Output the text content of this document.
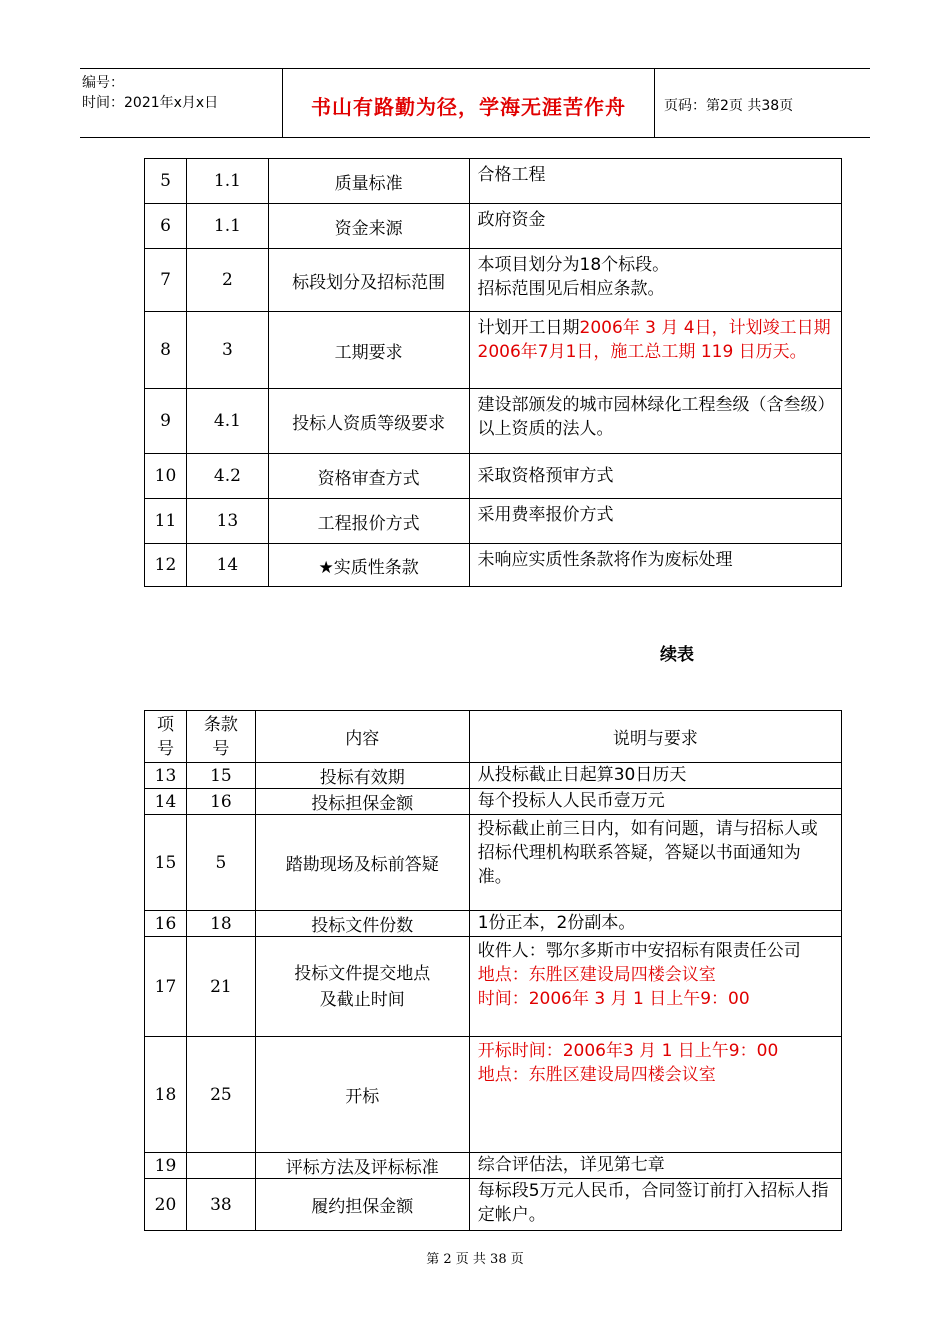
编号：
时间：2021年x月x日	书山有路勤为径，学海无涯苦作舟	页码：第2页 共38页
5	1.1	质量标准	合格工程

6	1.1	资金来源	政府资金

7	2	标段划分及招标范围	本项目划分为18个标段。
招标范围见后相应条款。

8	3	工期要求	计划开工日期2006年 3 月 4日，计划竣工日期2006年7月1日，施工总工期 119 日历天。
9	4.1	投标人资质等级要求	建设部颁发的城市园林绿化工程叁级（含叁级）以上资质的法人。

10	4.2	资格审查方式	采取资格预审方式

11	13	工程报价方式	采用费率报价方式

12	14	★实质性条款	未响应实质性条款将作为废标处理
续表
项号	条款号	内容	说明与要求
13	15	投标有效期	从投标截止日起算30日历天
14	16	投标担保金额	每个投标人人民币壹万元
15	5	踏勘现场及标前答疑	投标截止前三日内，如有问题，请与招标人或招标代理机构联系答疑，答疑以书面通知为准。
16	18	投标文件份数	1份正本，2份副本。
17	21	投标文件提交地点及截止时间	收件人：鄂尔多斯市中安招标有限责任公司
地点：东胜区建设局四楼会议室
时间：2006年 3 月 1 日上午9：00

18	25	开标	开标时间：2006年3 月 1 日上午9：00
地点：东胜区建设局四楼会议室

19		评标方法及评标标准	综合评估法，详见第七章
20	38	履约担保金额	每标段5万元人民币，合同签订前打入招标人指定帐户。
第 2 页 共 38 页
